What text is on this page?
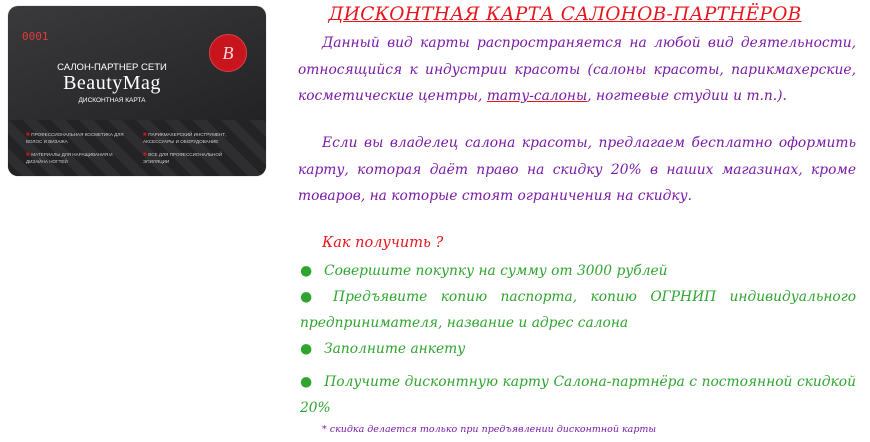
0001
САЛОН-ПАРТНЕР СЕТИ
BeautyMag
ДИСКОНТНАЯ КАРТА
B
■ ПРОФЕССИОНАЛЬНАЯ КОСМЕТИКА ДЛЯ ВОЛОС И ВИЗАЖА
■ ПАРИКМАХЕРСКИЙ ИНСТРУМЕНТ, АКСЕССУАРЫ И ОБОРУДОВАНИЕ
■ МАТЕРИАЛЫ ДЛЯ НАРАЩИВАНИЯ И ДИЗАЙНА НОГТЕЙ
■ ВСЕ ДЛЯ ПРОФЕССИОНАЛЬНОЙ ЭПИЛЯЦИИ
ДИСКОНТНАЯ КАРТА САЛОНОВ-ПАРТНЁРОВ
Данный вид карты распространяется на любой вид деятельности, относящийся к индустрии красоты (салоны красоты, парикмахерские, косметические центры, тату-салоны, ногтевые студии и т.п.).
Если вы владелец салона красоты, предлагаем бесплатно оформить карту, которая даёт право на скидку 20% в наших магазинах, кроме товаров, на которые стоят ограничения на скидку.
Как получить ?
● Совершите покупку на сумму от 3000 рублей
● Предъявите копию паспорта, копию ОГРНИП индивидуального предпринимателя, название и адрес салона
● Заполните анкету
● Получите дисконтную карту Салона-партнёра с постоянной скидкой 20%
* скидка делается только при предъявлении дисконтной карты
